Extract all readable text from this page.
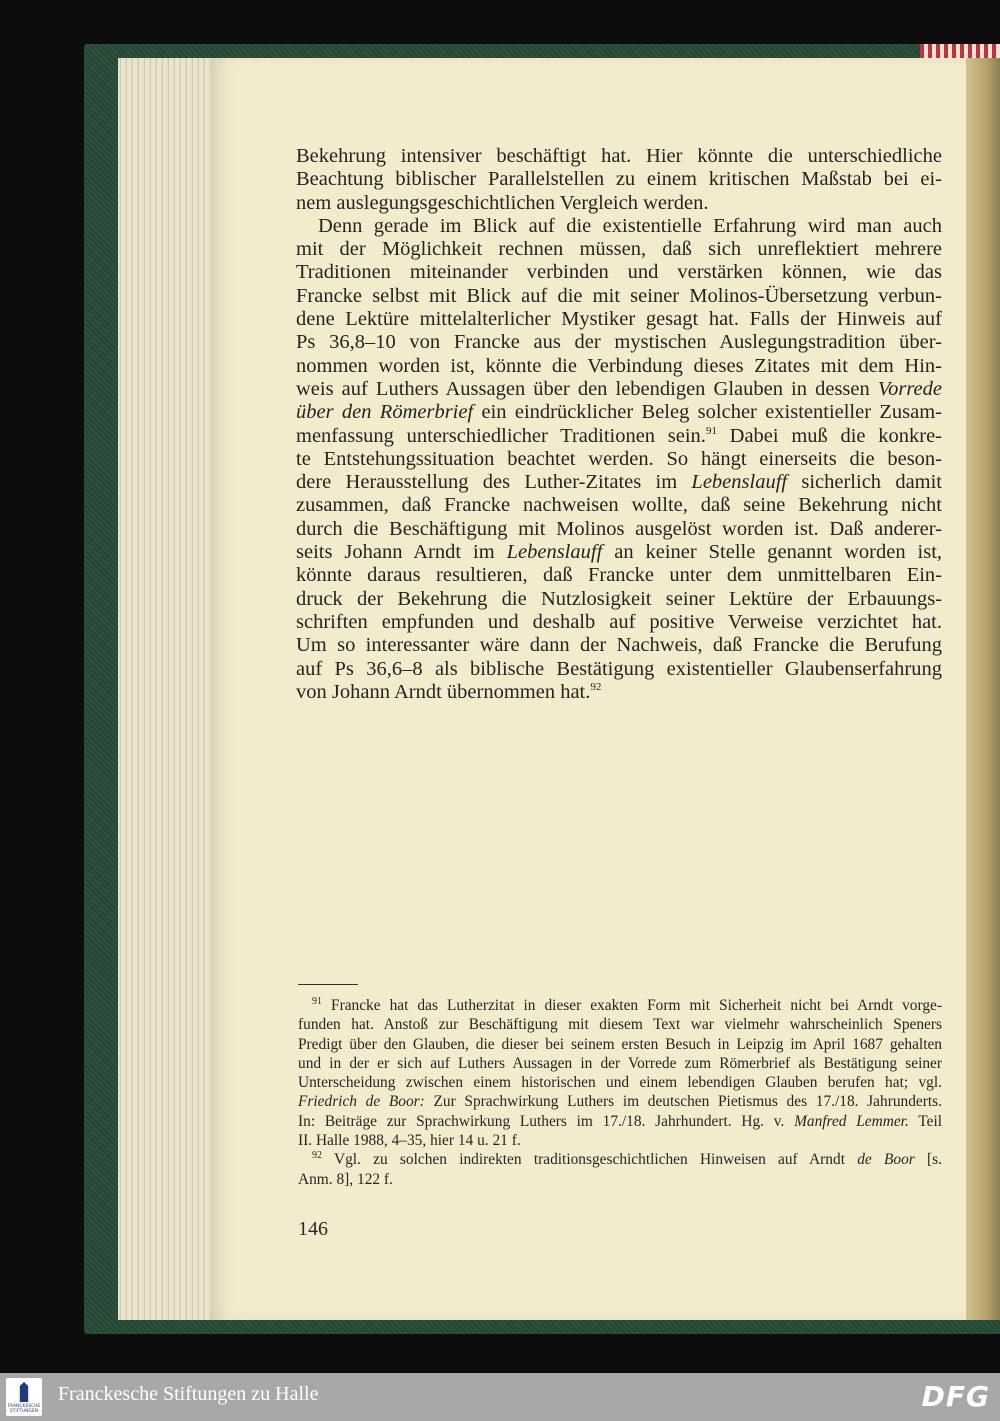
Bekehrung intensiver beschäftigt hat. Hier könnte die unterschiedliche
Beachtung biblischer Parallelstellen zu einem kritischen Maßstab bei ei-
nem auslegungsgeschichtlichen Vergleich werden.
Denn gerade im Blick auf die existentielle Erfahrung wird man auch
mit der Möglichkeit rechnen müssen, daß sich unreflektiert mehrere
Traditionen miteinander verbinden und verstärken können, wie das
Francke selbst mit Blick auf die mit seiner Molinos-Übersetzung verbun-
dene Lektüre mittelalterlicher Mystiker gesagt hat. Falls der Hinweis auf
Ps 36,8–10 von Francke aus der mystischen Auslegungstradition über-
nommen worden ist, könnte die Verbindung dieses Zitates mit dem Hin-
weis auf Luthers Aussagen über den lebendigen Glauben in dessen Vorrede
über den Römerbrief ein eindrücklicher Beleg solcher existentieller Zusam-
menfassung unterschiedlicher Traditionen sein.$^{91}$ Dabei muß die konkre-
te Entstehungssituation beachtet werden. So hängt einerseits die beson-
dere Herausstellung des Luther-Zitates im Lebenslauff sicherlich damit
zusammen, daß Francke nachweisen wollte, daß seine Bekehrung nicht
durch die Beschäftigung mit Molinos ausgelöst worden ist. Daß anderer-
seits Johann Arndt im Lebenslauff an keiner Stelle genannt worden ist,
könnte daraus resultieren, daß Francke unter dem unmittelbaren Ein-
druck der Bekehrung die Nutzlosigkeit seiner Lektüre der Erbauungs-
schriften empfunden und deshalb auf positive Verweise verzichtet hat.
Um so interessanter wäre dann der Nachweis, daß Francke die Berufung
auf Ps 36,6–8 als biblische Bestätigung existentieller Glaubenserfahrung
von Johann Arndt übernommen hat.$^{92}$
$^{91}$ Francke hat das Lutherzitat in dieser exakten Form mit Sicherheit nicht bei Arndt vorge-
funden hat. Anstoß zur Beschäftigung mit diesem Text war vielmehr wahrscheinlich Speners
Predigt über den Glauben, die dieser bei seinem ersten Besuch in Leipzig im April 1687 gehalten
und in der er sich auf Luthers Aussagen in der Vorrede zum Römerbrief als Bestätigung seiner
Unterscheidung zwischen einem historischen und einem lebendigen Glauben berufen hat; vgl.
Friedrich de Boor: Zur Sprachwirkung Luthers im deutschen Pietismus des 17./18. Jahrunderts.
In: Beiträge zur Sprachwirkung Luthers im 17./18. Jahrhundert. Hg. v. Manfred Lemmer. Teil
II. Halle 1988, 4–35, hier 14 u. 21 f.
$^{92}$ Vgl. zu solchen indirekten traditionsgeschichtlichen Hinweisen auf Arndt de Boor [s.
Anm. 8], 122 f.
146
FRANCKESCHE
STIFTUNGEN
Franckesche Stiftungen zu Halle	DFG
